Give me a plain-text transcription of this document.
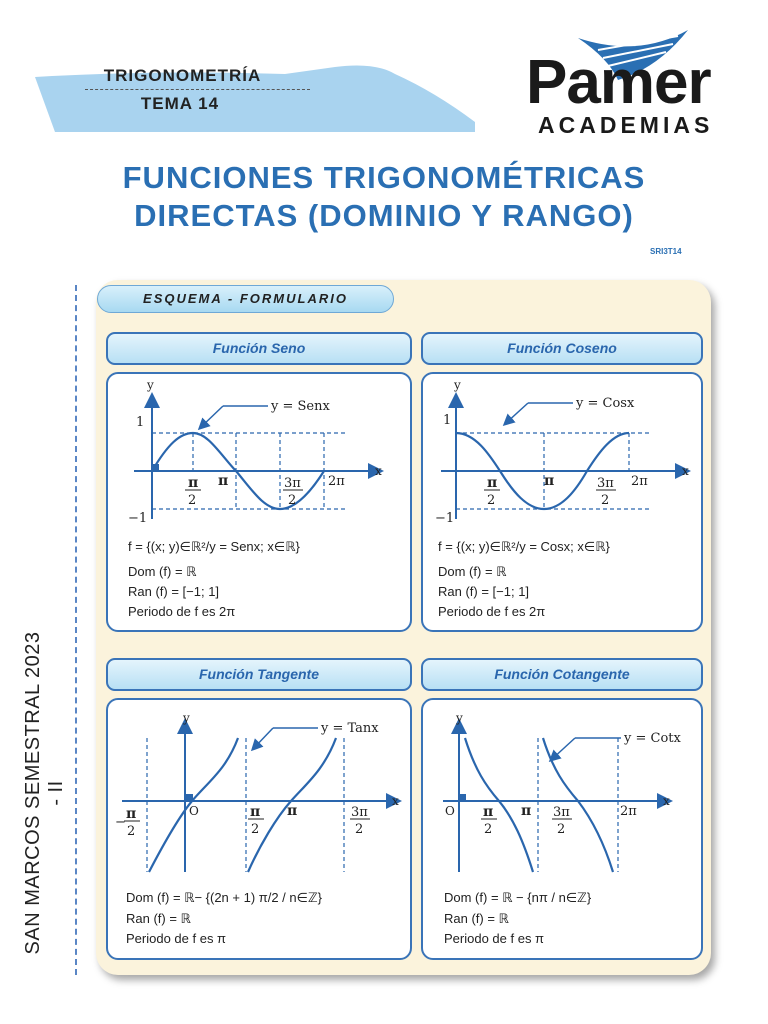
TRIGONOMETRÍA
TEMA 14	Pamer
ACADEMIAS
FUNCIONES TRIGONOMÉTRICAS
DIRECTAS (DOMINIO Y RANGO)
SRI3T14
SAN MARCOS SEMESTRAL 2023 - II
ESQUEMA - FORMULARIO
Función Seno	Función Coseno
Función Tangente	Función Cotangente
y = Senx
y
x
1
−1
π
2
π	3π
2
2π
f = {(x; y)∈ℝ²/y = Senx; x∈ℝ}
Dom (f) = ℝ
Ran (f) = [−1; 1]
Periodo de f es 2π
y = Cosx
y
x
1
−1
π
2
π	3π
2
2π
f = {(x; y)∈ℝ²/y = Cosx; x∈ℝ}
Dom (f) = ℝ
Ran (f) = [−1; 1]
Periodo de f es 2π
y = Tanx
y
x
O
−
π
2
π
2
π	3π
2
Dom (f) = ℝ− {(2n + 1) π/2 / n∈ℤ}
Ran (f) = ℝ
Periodo de f es π
y = Cotx
y
x
O π
2
π 3π
2
2π
Dom (f) = ℝ − {nπ / n∈ℤ}
Ran (f) = ℝ
Periodo de f es π
